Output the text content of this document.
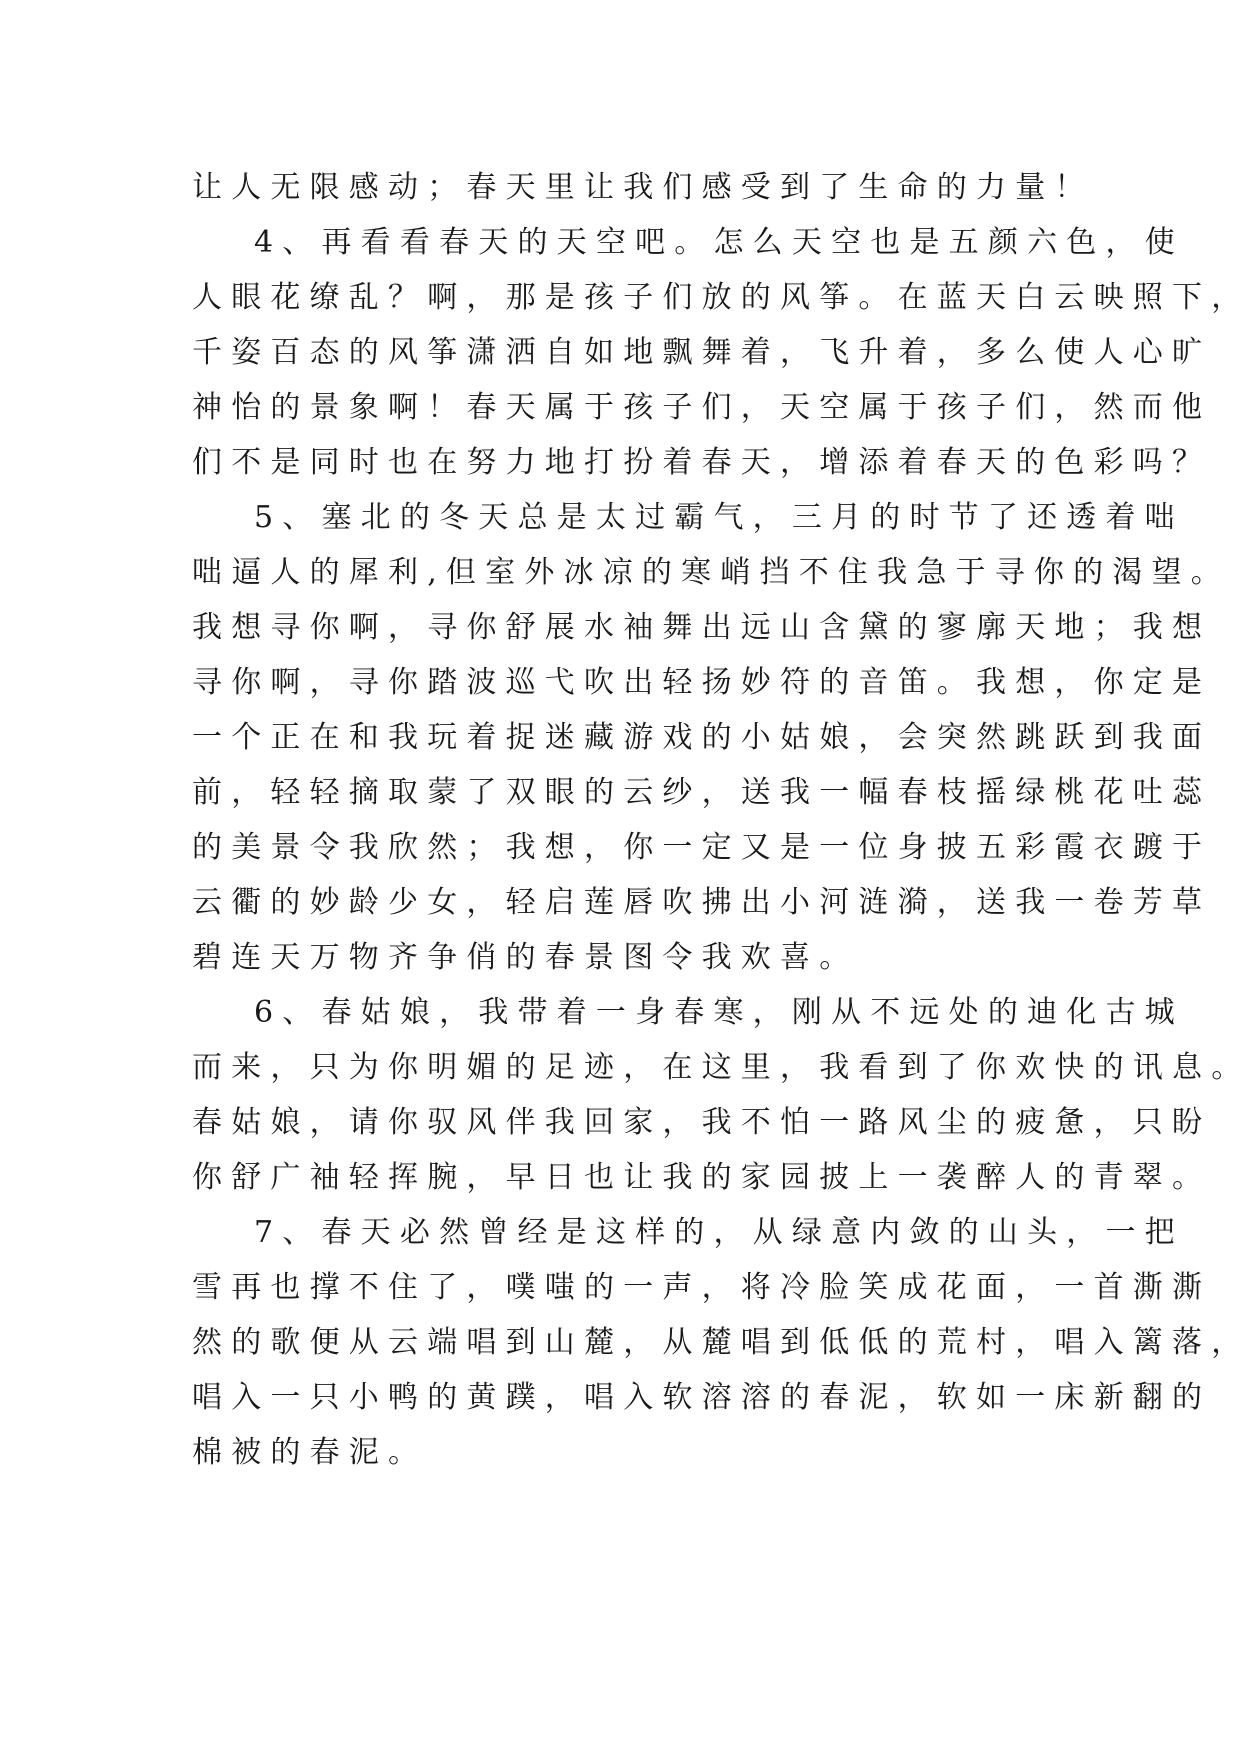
让人无限感动；春天里让我们感受到了生命的力量！
4、再看看春天的天空吧。怎么天空也是五颜六色，使
人眼花缭乱？啊，那是孩子们放的风筝。在蓝天白云映照下，
千姿百态的风筝潇洒自如地飘舞着，飞升着，多么使人心旷
神怡的景象啊！春天属于孩子们，天空属于孩子们，然而他
们不是同时也在努力地打扮着春天，增添着春天的色彩吗？
5、塞北的冬天总是太过霸气，三月的时节了还透着咄
咄逼人的犀利,但室外冰凉的寒峭挡不住我急于寻你的渴望。
我想寻你啊，寻你舒展水袖舞出远山含黛的寥廓天地；我想
寻你啊，寻你踏波巡弋吹出轻扬妙符的音笛。我想，你定是
一个正在和我玩着捉迷藏游戏的小姑娘，会突然跳跃到我面
前，轻轻摘取蒙了双眼的云纱，送我一幅春枝摇绿桃花吐蕊
的美景令我欣然；我想，你一定又是一位身披五彩霞衣踱于
云衢的妙龄少女，轻启莲唇吹拂出小河涟漪，送我一卷芳草
碧连天万物齐争俏的春景图令我欢喜。
6、春姑娘，我带着一身春寒，刚从不远处的迪化古城
而来，只为你明媚的足迹，在这里，我看到了你欢快的讯息。
春姑娘，请你驭风伴我回家，我不怕一路风尘的疲惫，只盼
你舒广袖轻挥腕，早日也让我的家园披上一袭醉人的青翠。
7、春天必然曾经是这样的，从绿意内敛的山头，一把
雪再也撑不住了，噗嗤的一声，将冷脸笑成花面，一首澌澌
然的歌便从云端唱到山麓，从麓唱到低低的荒村，唱入篱落，
唱入一只小鸭的黄蹼，唱入软溶溶的春泥，软如一床新翻的
棉被的春泥。
